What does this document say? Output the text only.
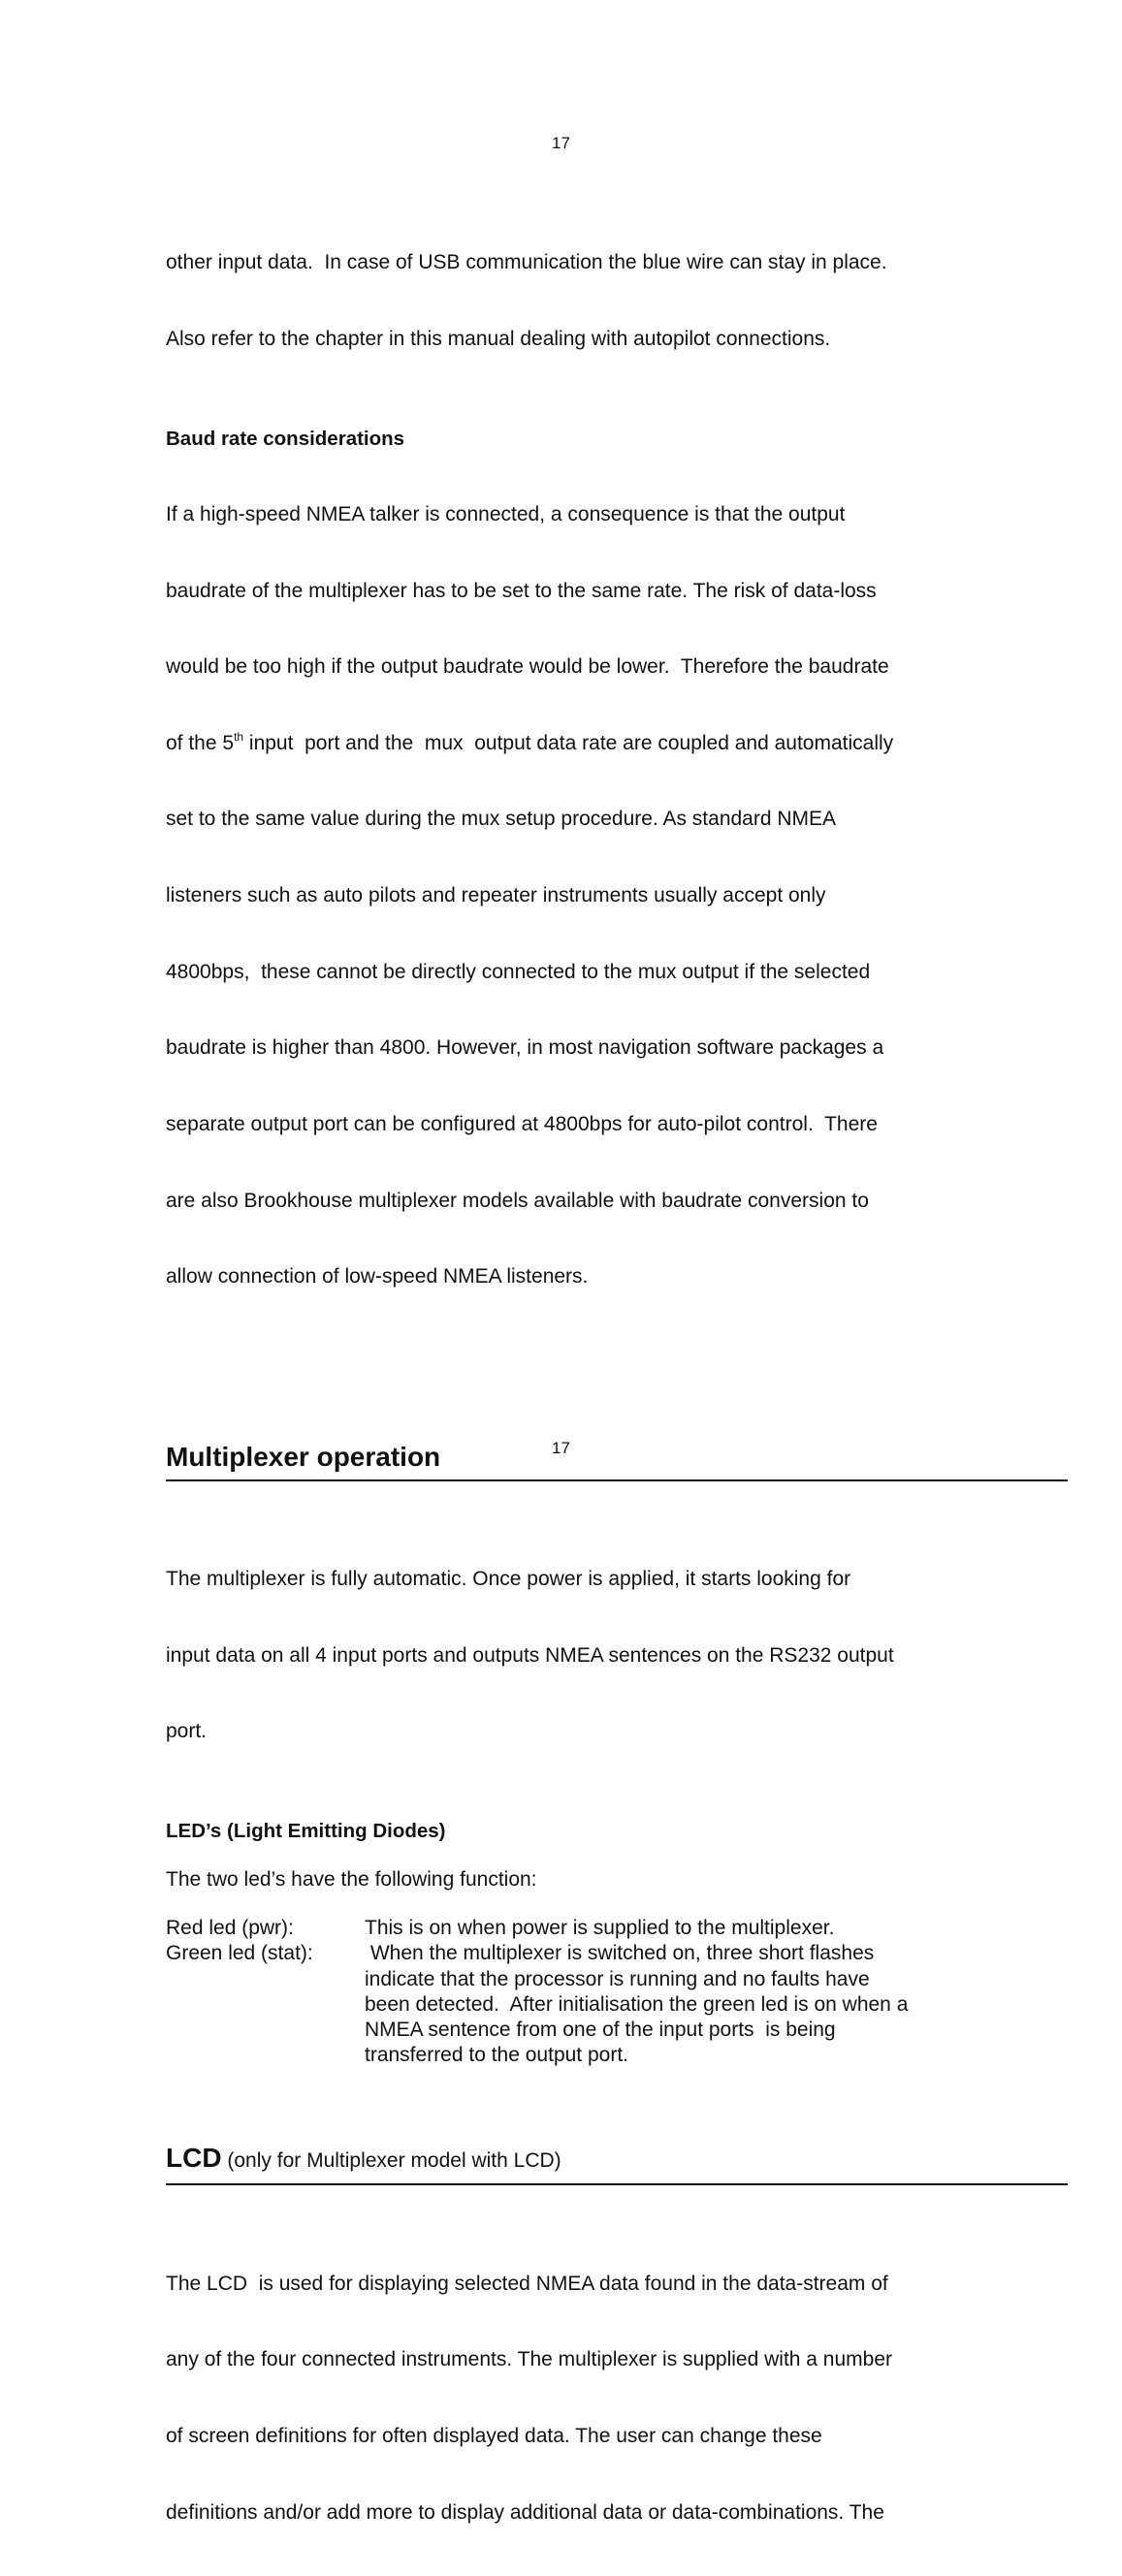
17

other input data.  In case of USB communication the blue wire can stay in place.

Also refer to the chapter in this manual dealing with autopilot connections.

Baud rate considerations

If a high-speed NMEA talker is connected, a consequence is that the output

baudrate of the multiplexer has to be set to the same rate. The risk of data-loss

would be too high if the output baudrate would be lower.  Therefore the baudrate

of the 5th input  port and the  mux  output data rate are coupled and automatically

set to the same value during the mux setup procedure. As standard NMEA

listeners such as auto pilots and repeater instruments usually accept only

4800bps,  these cannot be directly connected to the mux output if the selected

baudrate is higher than 4800. However, in most navigation software packages a

separate output port can be configured at 4800bps for auto-pilot control.  There

are also Brookhouse multiplexer models available with baudrate conversion to

allow connection of low-speed NMEA listeners.

Multiplexer operation

The multiplexer is fully automatic. Once power is applied, it starts looking for

input data on all 4 input ports and outputs NMEA sentences on the RS232 output

port.

LED’s (Light Emitting Diodes)

The two led’s have the following function:

Red led (pwr):	This is on when power is supplied to the multiplexer.
Green led (stat):	When the multiplexer is switched on, three short flashes
indicate that the processor is running and no faults have
been detected.  After initialisation the green led is on when a
NMEA sentence from one of the input ports  is being
transferred to the output port.
LCD (only for Multiplexer model with LCD)

The LCD  is used for displaying selected NMEA data found in the data-stream of

any of the four connected instruments. The multiplexer is supplied with a number

of screen definitions for often displayed data. The user can change these

definitions and/or add more to display additional data or data-combinations. The

17
